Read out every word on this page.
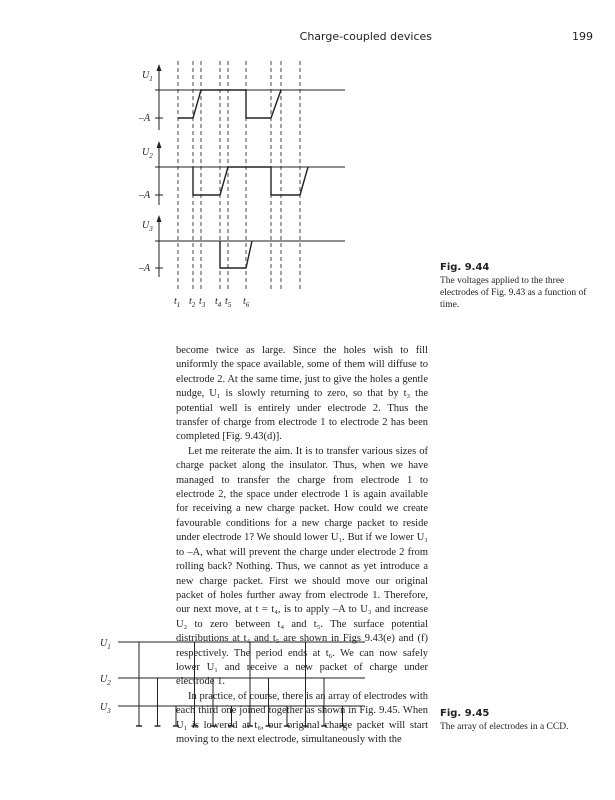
Charge-coupled devices	199
$U_1$
$U_2$
$U_3$
–A
–A
–A
$t_1$ $t_2$ $t_3$ $t_4$ $t_5$ $t_6$
Fig. 9.44
The voltages applied to the three electrodes of Fig. 9.43 as a function of time.

become twice as large. Since the holes wish to fill uniformly the space available, some of them will diffuse to electrode 2. At the same time, just to give the holes a gentle nudge, U₁ is slowly returning to zero, so that by t₃ the potential well is entirely under electrode 2. Thus the transfer of charge from electrode 1 to electrode 2 has been completed [Fig. 9.43(d)].

Let me reiterate the aim. It is to transfer various sizes of charge packet along the insulator. Thus, when we have managed to transfer the charge from electrode 1 to electrode 2, the space under electrode 1 is again available for receiving a new charge packet. How could we create favourable conditions for a new charge packet to reside under electrode 1? We should lower U₁. But if we lower U₁ to –A, what will prevent the charge under electrode 2 from rolling back? Nothing. Thus, we cannot as yet introduce a new charge packet. First we should move our original packet of holes further away from electrode 1. Therefore, our next move, at t = t₄, is to apply –A to U₃ and increase U₂ to zero between t₄ and t₅. The surface potential distributions at t₄ and t₅ are shown in Figs 9.43(e) and (f) respectively. The period ends at t₆. We can now safely lower U₁ and receive a new packet of charge under electrode 1.

In practice, of course, there is an array of electrodes with each third one joined together as shown in Fig. 9.45. When U₁ is lowered at t₆, our original charge packet will start moving to the next electrode, simultaneously with the

$U_1$
$U_2$
$U_3$	Fig. 9.45
The array of electrodes in a CCD.
